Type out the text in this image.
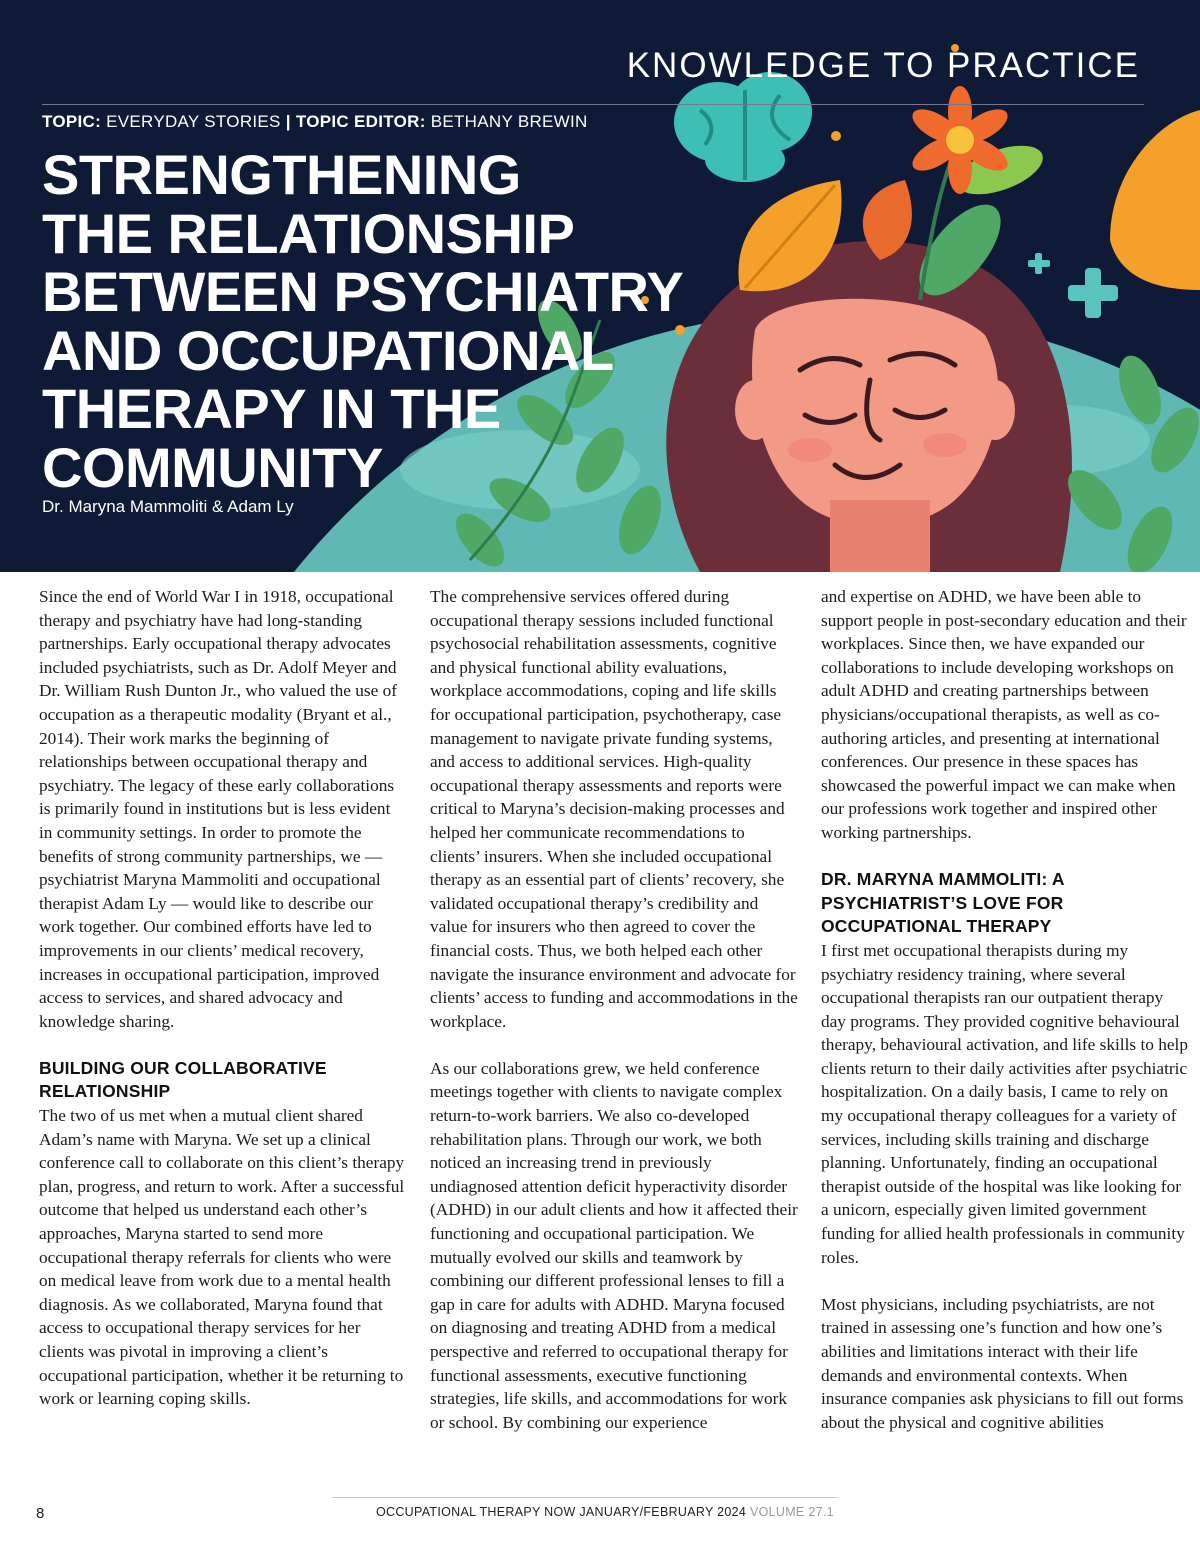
KNOWLEDGE TO PRACTICE
TOPIC: EVERYDAY STORIES | TOPIC EDITOR: BETHANY BREWIN
STRENGTHENING
THE RELATIONSHIP
BETWEEN PSYCHIATRY
AND OCCUPATIONAL
THERAPY IN THE
COMMUNITY
Dr. Maryna Mammoliti & Adam Ly

Since the end of World War I in 1918, occupational therapy and psychiatry have had long-standing partnerships. Early occupational therapy advocates included psychiatrists, such as Dr. Adolf Meyer and Dr. William Rush Dunton Jr., who valued the use of occupation as a therapeutic modality (Bryant et al., 2014). Their work marks the beginning of relationships between occupational therapy and psychiatry. The legacy of these early collaborations is primarily found in institutions but is less evident in community settings. In order to promote the benefits of strong community partnerships, we — psychiatrist Maryna Mammoliti and occupational therapist Adam Ly — would like to describe our work together. Our combined efforts have led to improvements in our clients’ medical recovery, increases in occupational participation, improved access to services, and shared advocacy and knowledge sharing.

BUILDING OUR COLLABORATIVE RELATIONSHIP

The two of us met when a mutual client shared Adam’s name with Maryna. We set up a clinical conference call to collaborate on this client’s therapy plan, progress, and return to work. After a successful outcome that helped us understand each other’s approaches, Maryna started to send more occupational therapy referrals for clients who were on medical leave from work due to a mental health diagnosis. As we collaborated, Maryna found that access to occupational therapy services for her clients was pivotal in improving a client’s occupational participation, whether it be returning to work or learning coping skills.

The comprehensive services offered during occupational therapy sessions included functional psychosocial rehabilitation assessments, cognitive and physical functional ability evaluations, workplace accommodations, coping and life skills for occupational participation, psychotherapy, case management to navigate private funding systems, and access to additional services. High-quality occupational therapy assessments and reports were critical to Maryna’s decision-making processes and helped her communicate recommendations to clients’ insurers. When she included occupational therapy as an essential part of clients’ recovery, she validated occupational therapy’s credibility and value for insurers who then agreed to cover the financial costs. Thus, we both helped each other navigate the insurance environment and advocate for clients’ access to funding and accommodations in the workplace.

As our collaborations grew, we held conference meetings together with clients to navigate complex return-to-work barriers. We also co-developed rehabilitation plans. Through our work, we both noticed an increasing trend in previously undiagnosed attention deficit hyperactivity disorder (ADHD) in our adult clients and how it affected their functioning and occupational participation. We mutually evolved our skills and teamwork by combining our different professional lenses to fill a gap in care for adults with ADHD. Maryna focused on diagnosing and treating ADHD from a medical perspective and referred to occupational therapy for functional assessments, executive functioning strategies, life skills, and accommodations for work or school. By combining our experience

and expertise on ADHD, we have been able to support people in post-secondary education and their workplaces. Since then, we have expanded our collaborations to include developing workshops on adult ADHD and creating partnerships between physicians/occupational therapists, as well as co-authoring articles, and presenting at international conferences. Our presence in these spaces has showcased the powerful impact we can make when our professions work together and inspired other working partnerships.

DR. MARYNA MAMMOLITI: A PSYCHIATRIST’S LOVE FOR OCCUPATIONAL THERAPY

I first met occupational therapists during my psychiatry residency training, where several occupational therapists ran our outpatient therapy day programs. They provided cognitive behavioural therapy, behavioural activation, and life skills to help clients return to their daily activities after psychiatric hospitalization. On a daily basis, I came to rely on my occupational therapy colleagues for a variety of services, including skills training and discharge planning. Unfortunately, finding an occupational therapist outside of the hospital was like looking for a unicorn, especially given limited government funding for allied health professionals in community roles.

Most physicians, including psychiatrists, are not trained in assessing one’s function and how one’s abilities and limitations interact with their life demands and environmental contexts. When insurance companies ask physicians to fill out forms about the physical and cognitive abilities

8	OCCUPATIONAL THERAPY NOW JANUARY/FEBRUARY 2024 VOLUME 27.1
